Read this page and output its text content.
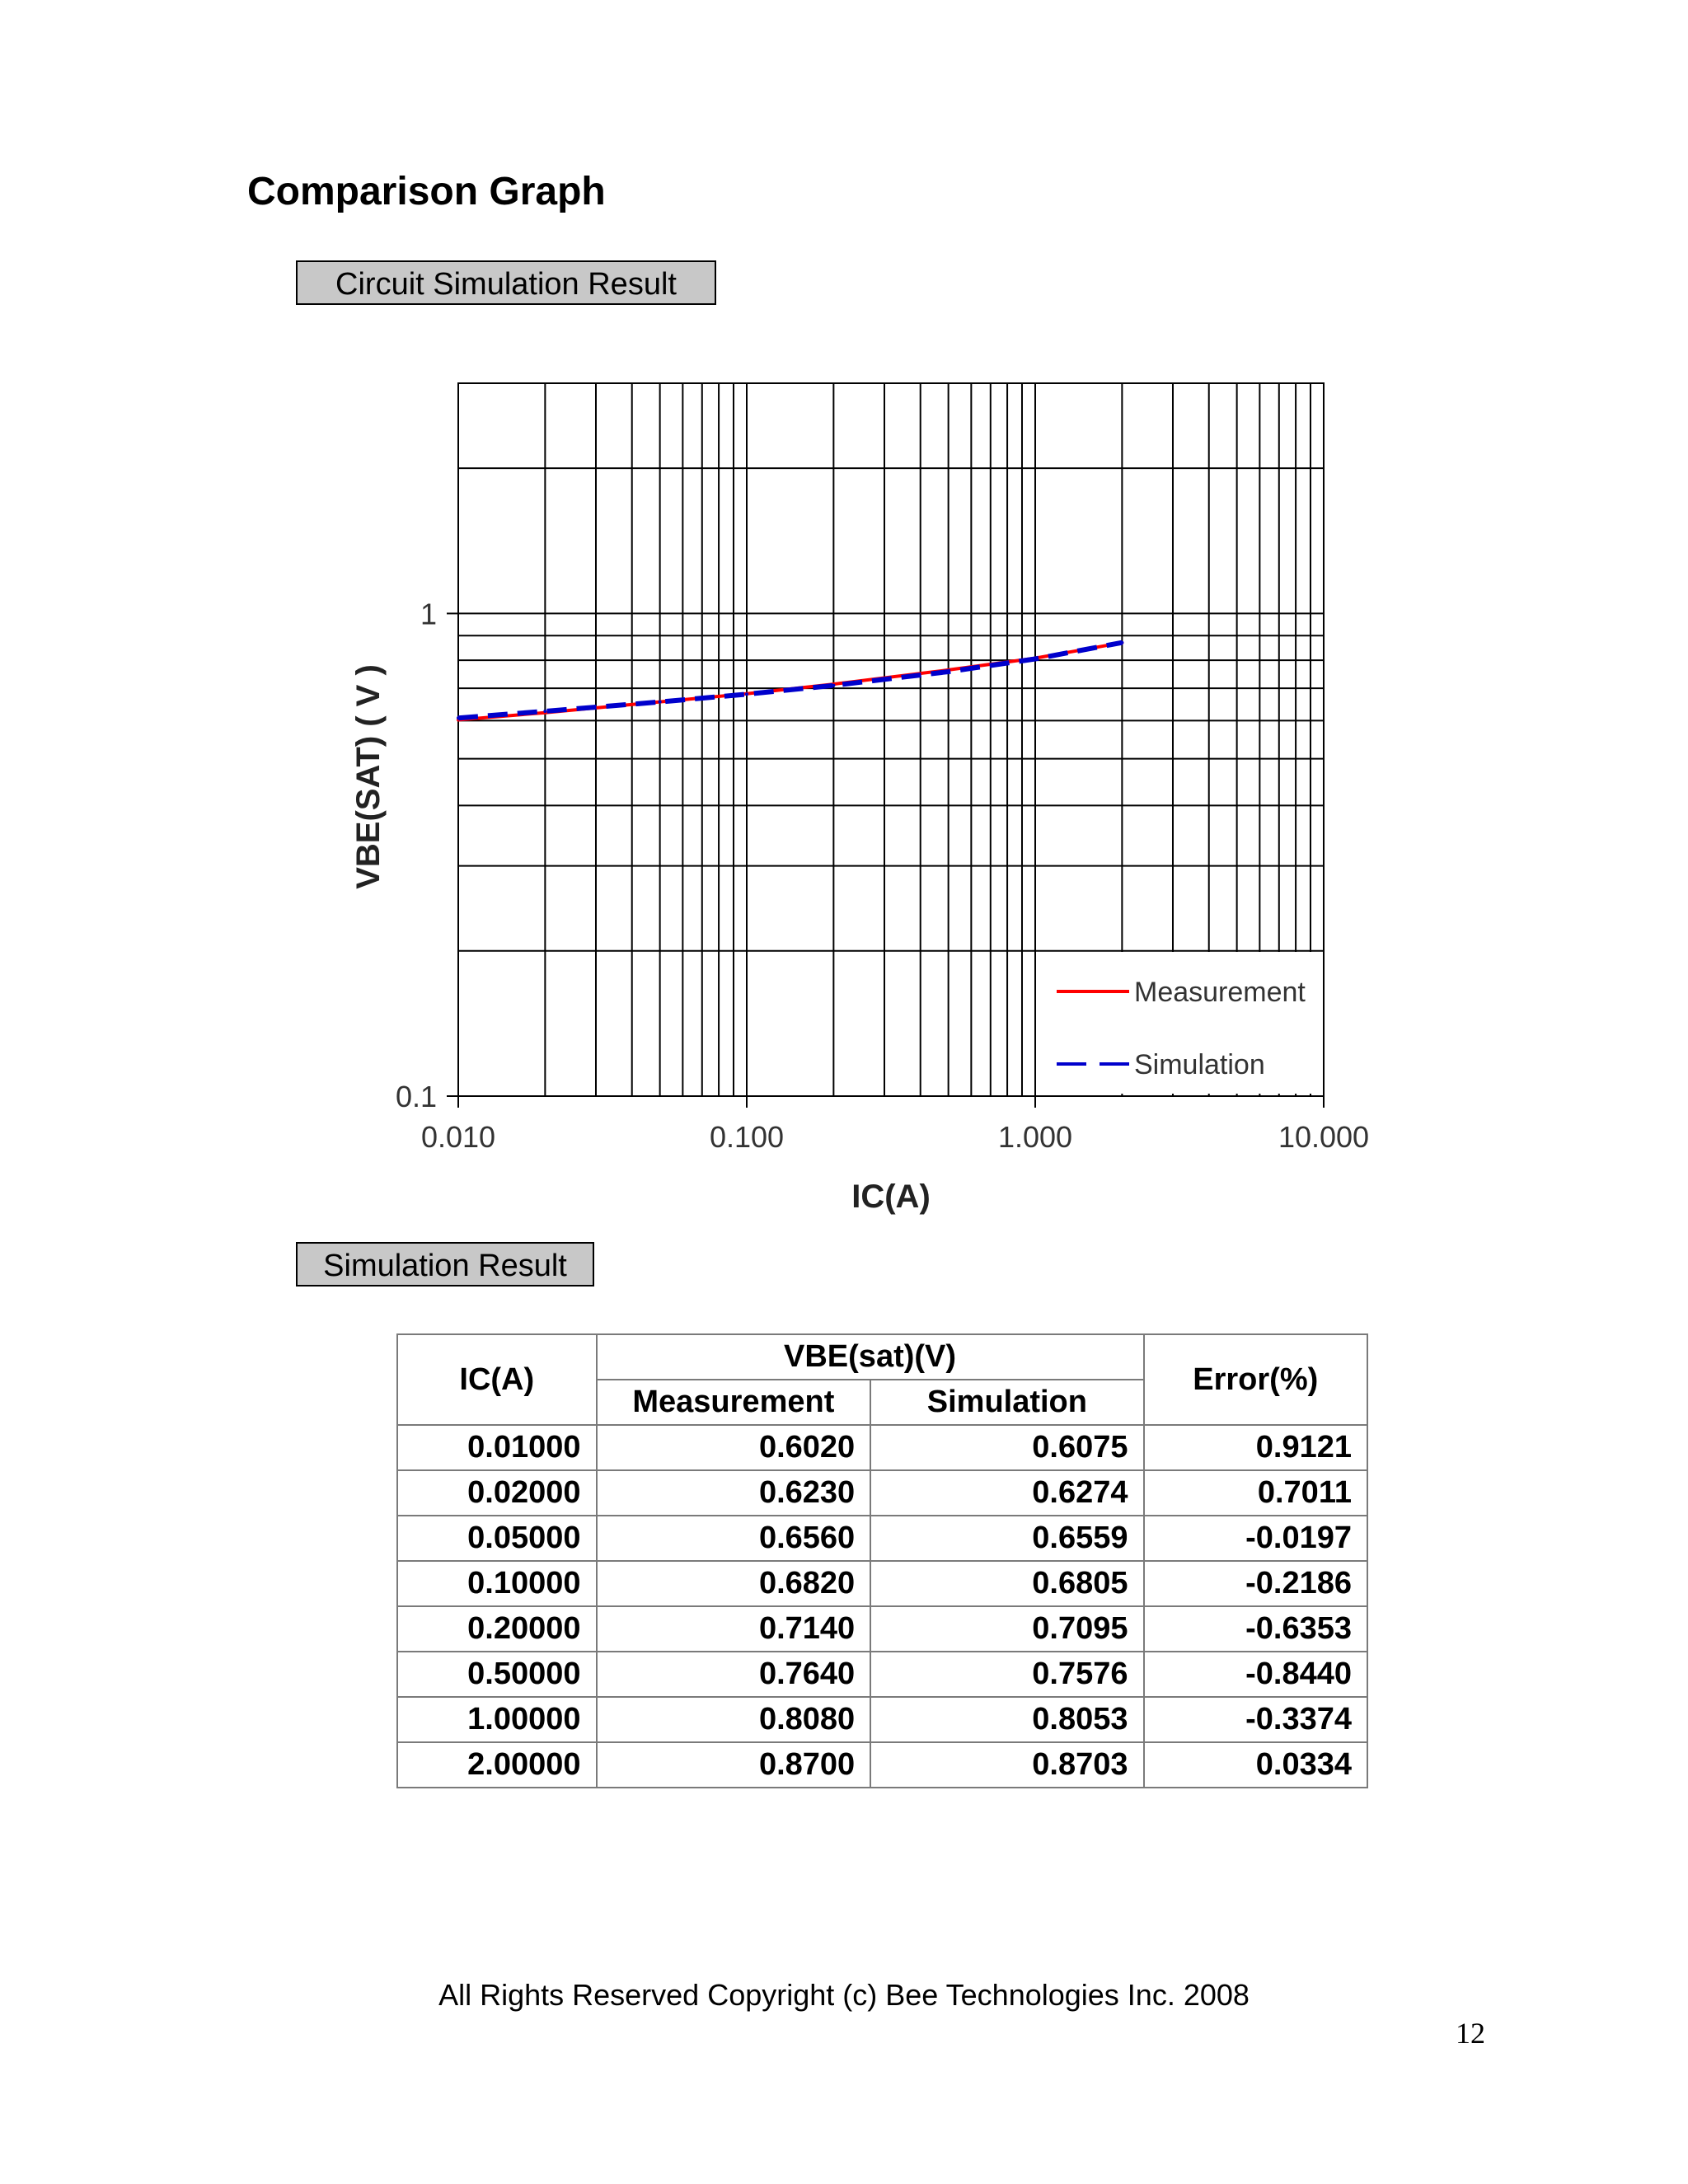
Comparison Graph
Circuit Simulation Result
0.010	0.100	1.000	10.000
0.1
1
IC(A)
VBE(SAT) ( V )
Measurement
Simulation
Simulation Result
IC(A)	VBE(sat)(V)		Error(%)
	Measurement	Simulation	
0.01000	0.6020	0.6075	0.9121
0.02000	0.6230	0.6274	0.7011
0.05000	0.6560	0.6559	-0.0197
0.10000	0.6820	0.6805	-0.2186
0.20000	0.7140	0.7095	-0.6353
0.50000	0.7640	0.7576	-0.8440
1.00000	0.8080	0.8053	-0.3374
2.00000	0.8700	0.8703	0.0334
All Rights Reserved Copyright (c) Bee Technologies Inc. 2008
12
